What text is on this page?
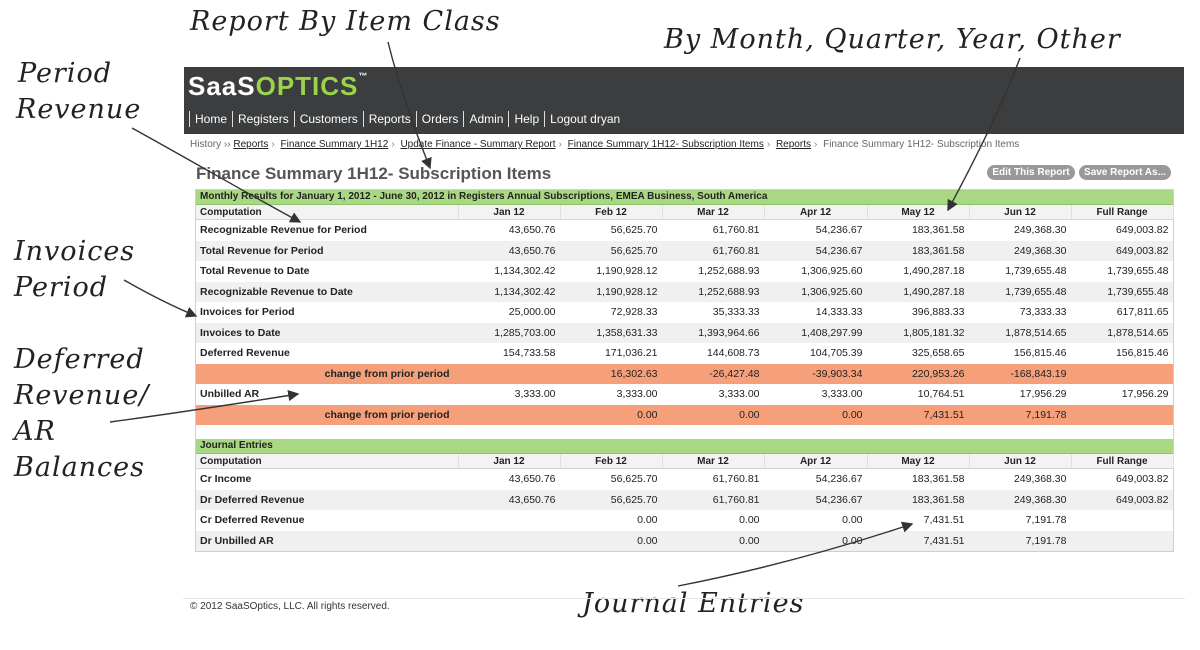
Report By Item Class
By Month, Quarter, Year, Other
Period
Revenue
Invoices
Period
Deferred
Revenue/
AR
Balances
Journal Entries
SaaSOPTICS™
Home Registers Customers Reports Orders Admin Help Logout dryan
History ›› Reports › Finance Summary 1H12 › Update Finance - Summary Report › Finance Summary 1H12- Subscription Items › Reports › Finance Summary 1H12- Subscription Items
Finance Summary 1H12- Subscription Items	Edit This Report	Save Report As...
Monthly Results for January 1, 2012 - June 30, 2012 in Registers Annual Subscriptions, EMEA Business, South America
Computation	Jan 12	Feb 12	Mar 12	Apr 12	May 12	Jun 12	Full Range
Recognizable Revenue for Period	43,650.76	56,625.70	61,760.81	54,236.67	183,361.58	249,368.30	649,003.82
Total Revenue for Period	43,650.76	56,625.70	61,760.81	54,236.67	183,361.58	249,368.30	649,003.82
Total Revenue to Date	1,134,302.42	1,190,928.12	1,252,688.93	1,306,925.60	1,490,287.18	1,739,655.48	1,739,655.48
Recognizable Revenue to Date	1,134,302.42	1,190,928.12	1,252,688.93	1,306,925.60	1,490,287.18	1,739,655.48	1,739,655.48
Invoices for Period	25,000.00	72,928.33	35,333.33	14,333.33	396,883.33	73,333.33	617,811.65
Invoices to Date	1,285,703.00	1,358,631.33	1,393,964.66	1,408,297.99	1,805,181.32	1,878,514.65	1,878,514.65
Deferred Revenue	154,733.58	171,036.21	144,608.73	104,705.39	325,658.65	156,815.46	156,815.46
change from prior period		16,302.63	-26,427.48	-39,903.34	220,953.26	-168,843.19	
Unbilled AR	3,333.00	3,333.00	3,333.00	3,333.00	10,764.51	17,956.29	17,956.29
change from prior period		0.00	0.00	0.00	7,431.51	7,191.78	
Journal Entries
Computation	Jan 12	Feb 12	Mar 12	Apr 12	May 12	Jun 12	Full Range
Cr Income	43,650.76	56,625.70	61,760.81	54,236.67	183,361.58	249,368.30	649,003.82
Dr Deferred Revenue	43,650.76	56,625.70	61,760.81	54,236.67	183,361.58	249,368.30	649,003.82
Cr Deferred Revenue		0.00	0.00	0.00	7,431.51	7,191.78	
Dr Unbilled AR		0.00	0.00	0.00	7,431.51	7,191.78	
© 2012 SaaSOptics, LLC. All rights reserved.
